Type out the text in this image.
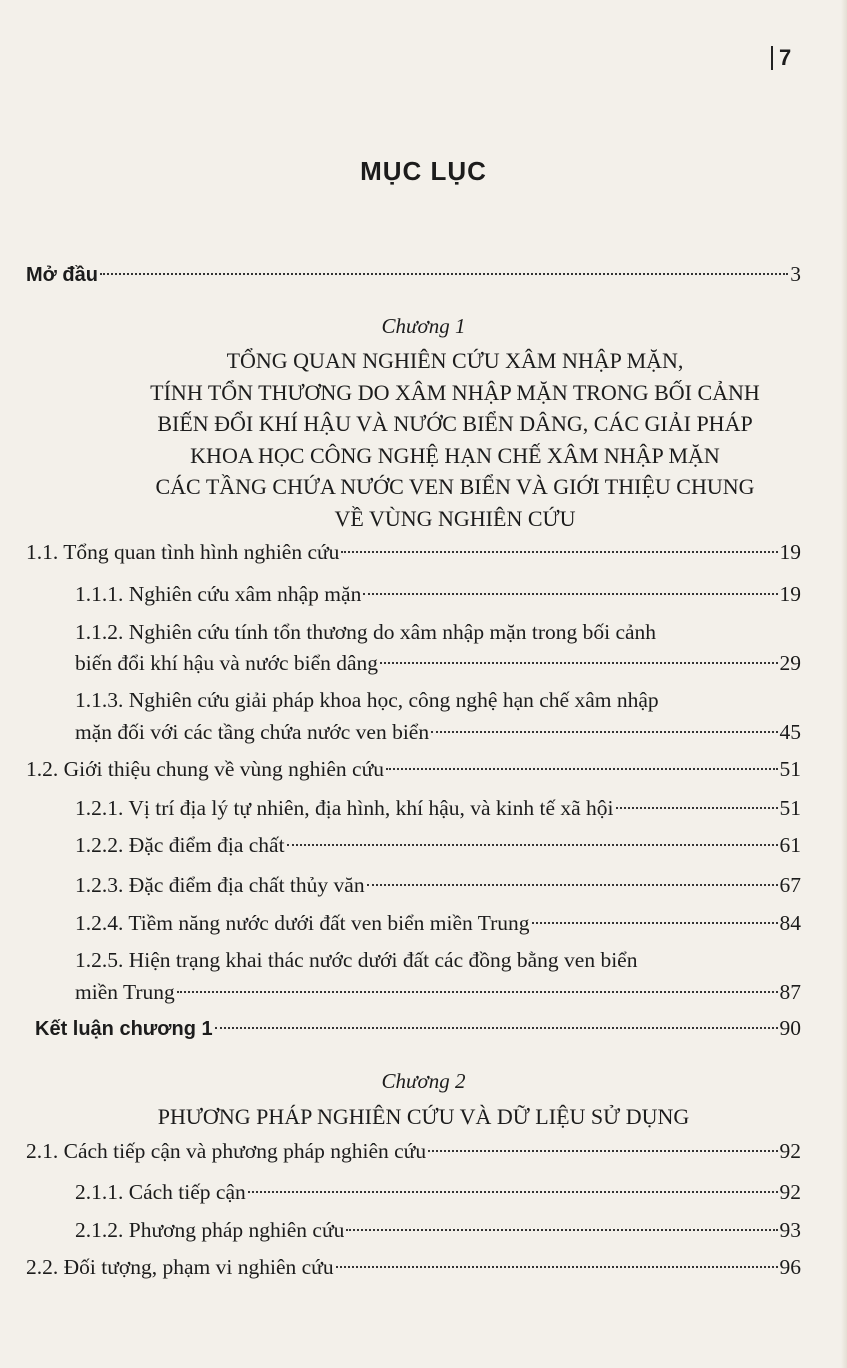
7
MỤC LỤC
Mở đầu	3
Chương 1
TỔNG QUAN NGHIÊN CỨU XÂM NHẬP MẶN,
TÍNH TỔN THƯƠNG DO XÂM NHẬP MẶN TRONG BỐI CẢNH
BIẾN ĐỔI KHÍ HẬU VÀ NƯỚC BIỂN DÂNG, CÁC GIẢI PHÁP
KHOA HỌC CÔNG NGHỆ HẠN CHẾ XÂM NHẬP MẶN
CÁC TẦNG CHỨA NƯỚC VEN BIỂN VÀ GIỚI THIỆU CHUNG
VỀ VÙNG NGHIÊN CỨU
1.1. Tổng quan tình hình nghiên cứu	19
1.1.1. Nghiên cứu xâm nhập mặn	19
1.1.2. Nghiên cứu tính tổn thương do xâm nhập mặn trong bối cảnh
biến đổi khí hậu và nước biển dâng	29
1.1.3. Nghiên cứu giải pháp khoa học, công nghệ hạn chế xâm nhập
mặn đối với các tầng chứa nước ven biển	45
1.2. Giới thiệu chung về vùng nghiên cứu	51
1.2.1. Vị trí địa lý tự nhiên, địa hình, khí hậu, và kinh tế xã hội	51
1.2.2. Đặc điểm địa chất	61
1.2.3. Đặc điểm địa chất thủy văn	67
1.2.4. Tiềm năng nước dưới đất ven biển miền Trung	84
1.2.5. Hiện trạng khai thác nước dưới đất các đồng bằng ven biển
miền Trung	87
Kết luận chương 1	90
Chương 2
PHƯƠNG PHÁP NGHIÊN CỨU VÀ DỮ LIỆU SỬ DỤNG
2.1. Cách tiếp cận và phương pháp nghiên cứu	92
2.1.1. Cách tiếp cận	92
2.1.2. Phương pháp nghiên cứu	93
2.2. Đối tượng, phạm vi nghiên cứu	96
